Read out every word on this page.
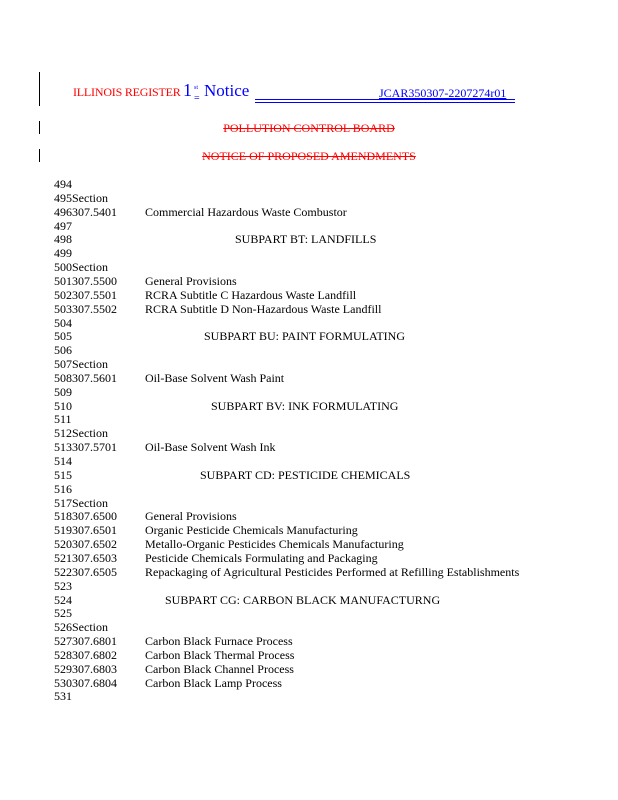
ILLINOIS REGISTER 1 st
= Notice	JCAR350307-2207274r01
POLLUTION CONTROL BOARD
NOTICE OF PROPOSED AMENDMENTS
494
495Section
496307.5401 Commercial Hazardous Waste Combustor
497
498	SUBPART BT: LANDFILLS
499
500Section
501307.5500 General Provisions
502307.5501 RCRA Subtitle C Hazardous Waste Landfill
503307.5502 RCRA Subtitle D Non-Hazardous Waste Landfill
504
505	SUBPART BU: PAINT FORMULATING
506
507Section
508307.5601 Oil-Base Solvent Wash Paint
509
510	SUBPART BV: INK FORMULATING
511
512Section
513307.5701 Oil-Base Solvent Wash Ink
514
515	SUBPART CD: PESTICIDE CHEMICALS
516
517Section
518307.6500 General Provisions
519307.6501 Organic Pesticide Chemicals Manufacturing
520307.6502 Metallo-Organic Pesticides Chemicals Manufacturing
521307.6503 Pesticide Chemicals Formulating and Packaging
522307.6505 Repackaging of Agricultural Pesticides Performed at Refilling Establishments
523
524	SUBPART CG: CARBON BLACK MANUFACTURNG
525
526Section
527307.6801 Carbon Black Furnace Process
528307.6802 Carbon Black Thermal Process
529307.6803 Carbon Black Channel Process
530307.6804 Carbon Black Lamp Process
531
